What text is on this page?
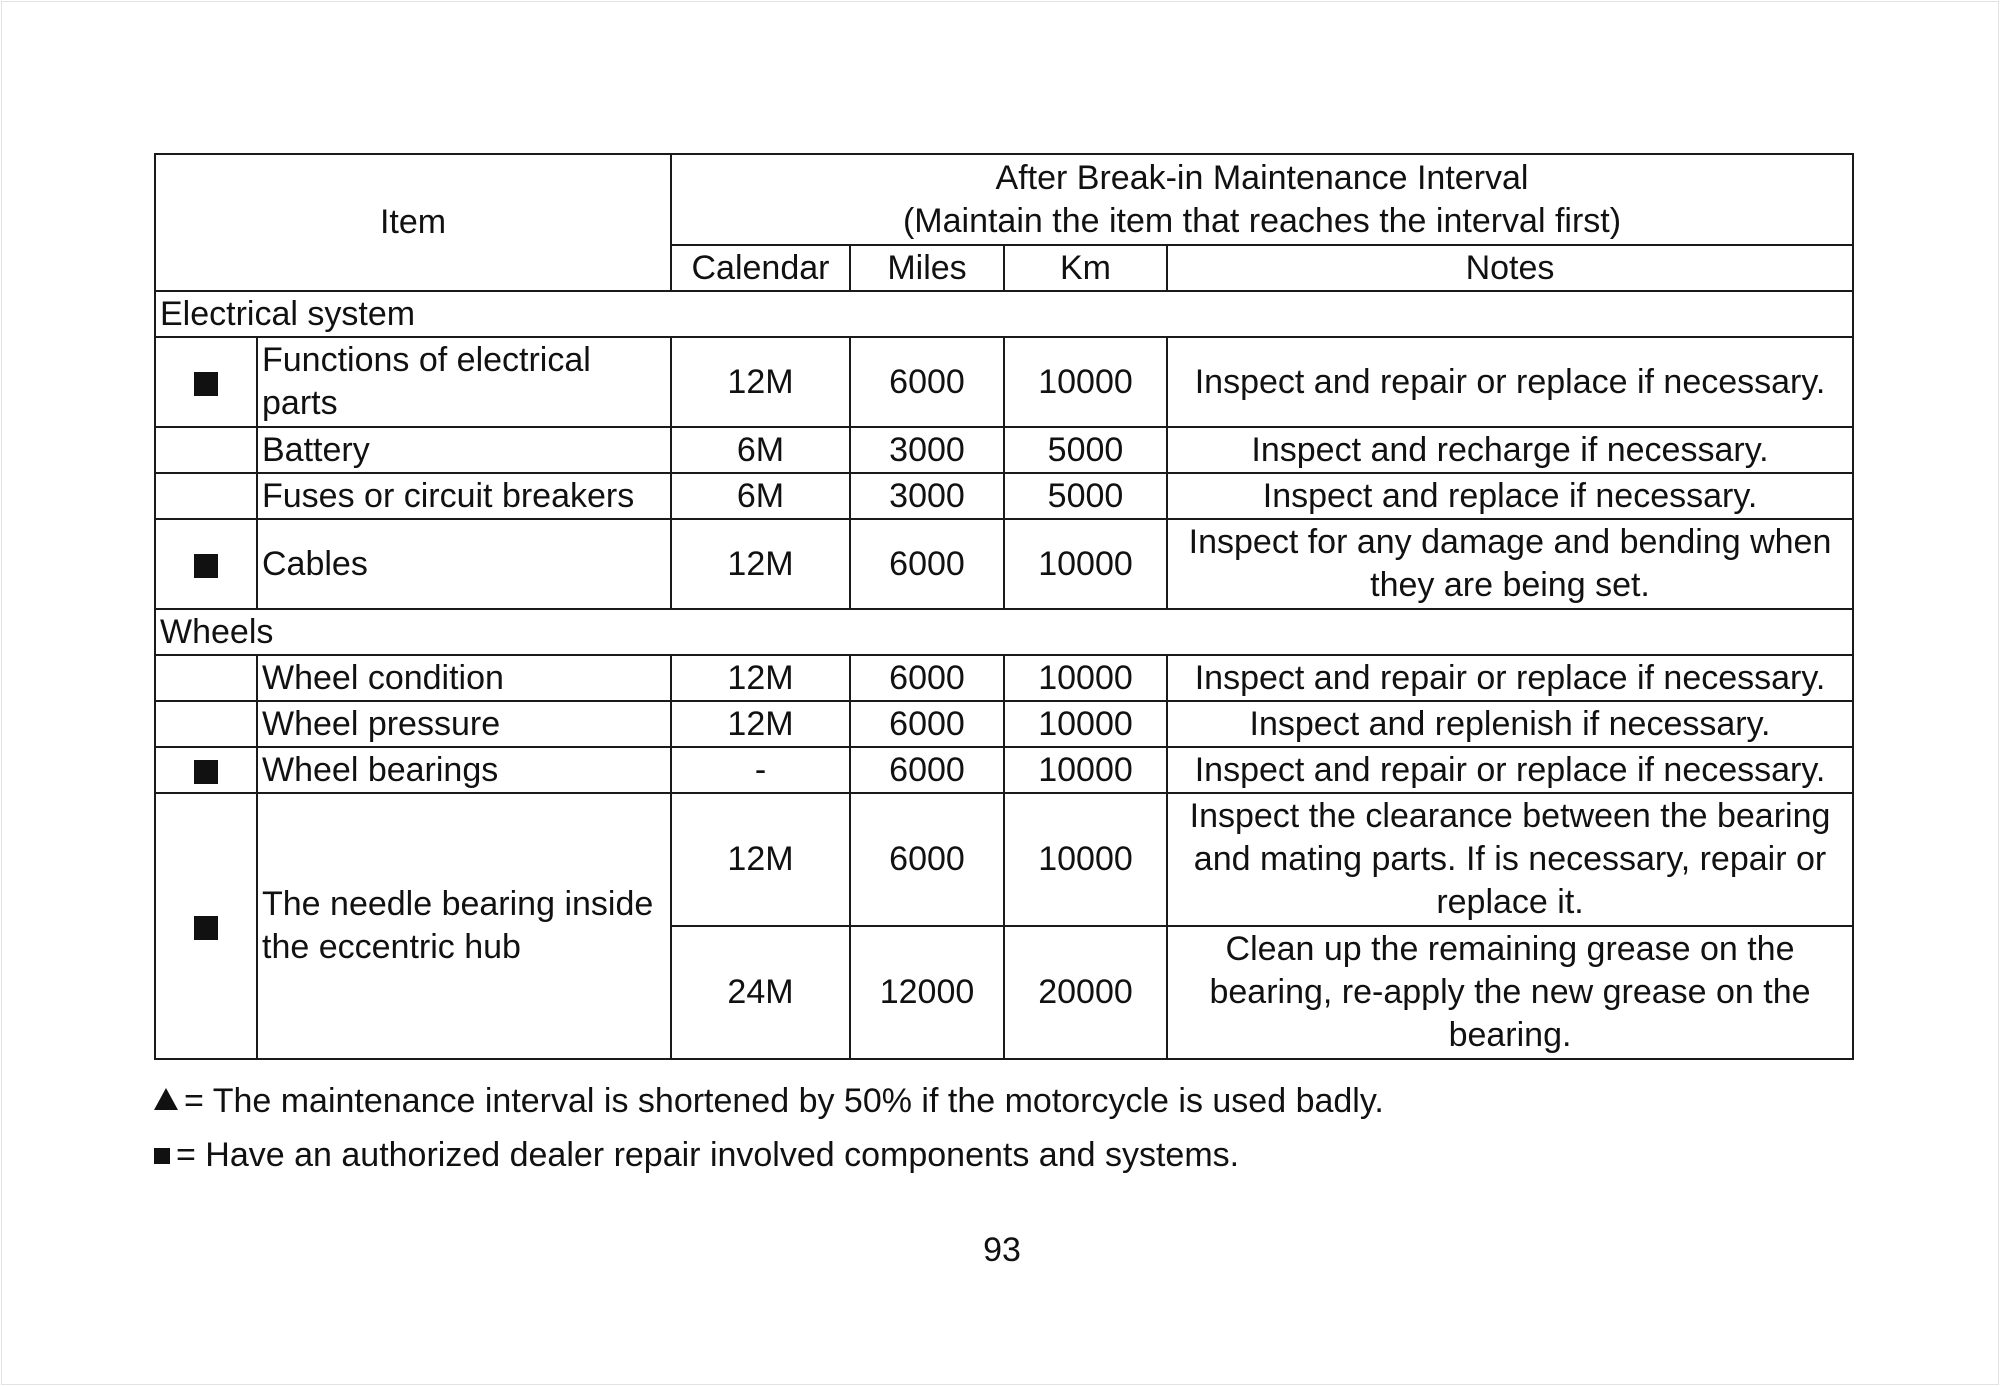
Item		After Break-in Maintenance Interval
(Maintain the item that reaches the interval first)			

		Calendar	Miles	Km	Notes
Electrical system					
	Functions of electrical parts	12M	6000	10000	Inspect and repair or replace if necessary.
	Battery	6M	3000	5000	Inspect and recharge if necessary.
	Fuses or circuit breakers	6M	3000	5000	Inspect and replace if necessary.
	Cables	12M	6000	10000	Inspect for any damage and bending when they are being set.
Wheels					
	Wheel condition	12M	6000	10000	Inspect and repair or replace if necessary.
	Wheel pressure	12M	6000	10000	Inspect and replenish if necessary.
	Wheel bearings	-	6000	10000	Inspect and repair or replace if necessary.
	The needle bearing inside the eccentric hub	12M	6000	10000	Inspect the clearance between the bearing and mating parts. If is necessary, repair or replace it.
		24M	12000	20000	Clean up the remaining grease on the bearing, re-apply the new grease on the bearing.
= The maintenance interval is shortened by 50% if the motorcycle is used badly.
= Have an authorized dealer repair involved components and systems.
93
